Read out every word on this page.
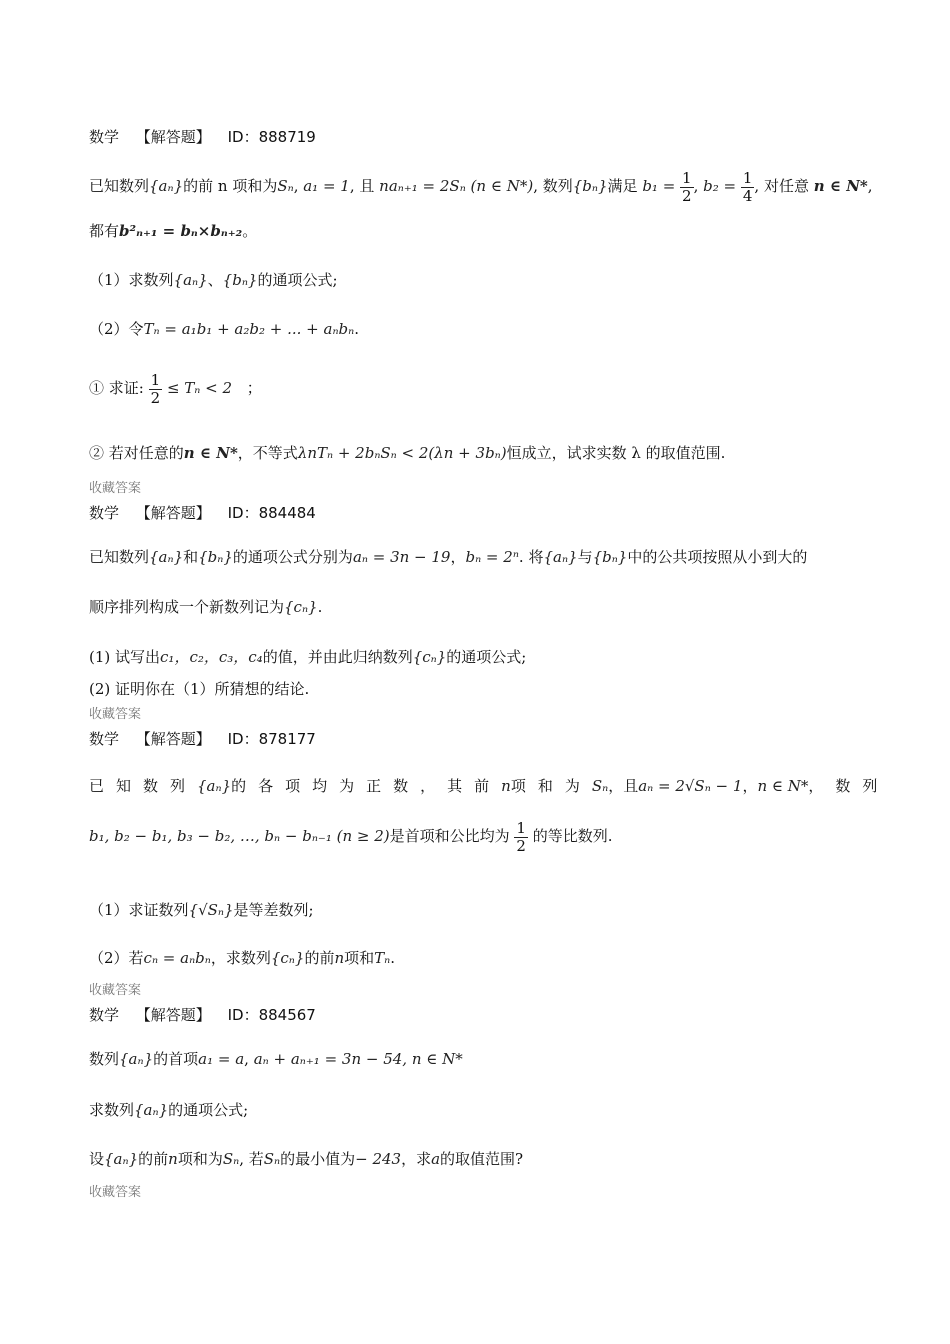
数学 【解答题】 ID：888719
已知数列{aₙ}的前 n 项和为Sₙ, a₁ = 1, 且 naₙ₊₁ = 2Sₙ (n ∈ N*), 数列{bₙ}满足 $b_1 = \frac{1}{2}$ , $b_2 = \frac{1}{4}$ , 对任意 n ∈ N*,
都有b²ₙ₊₁ = bₙ×bₙ₊₂。
（1）求数列{aₙ}、{bₙ}的通项公式;
（2）令Tₙ = a₁b₁ + a₂b₂ + ... + aₙbₙ.
① 求证: $\frac{1}{2} \le T_n < 2$ ；
② 若对任意的n ∈ N*，不等式λnTₙ + 2bₙSₙ < 2(λn + 3bₙ)恒成立，试求实数 λ 的取值范围.
收藏答案
数学 【解答题】 ID：884484
已知数列{aₙ}和{bₙ}的通项公式分别为aₙ = 3n − 19，bₙ = 2ⁿ. 将{aₙ}与{bₙ}中的公共项按照从小到大的
顺序排列构成一个新数列记为{cₙ}.
(1) 试写出c₁，c₂，c₃，c₄的值，并由此归纳数列{cₙ}的通项公式;
(2) 证明你在（1）所猜想的结论.
收藏答案
数学 【解答题】 ID：878177
已知数列 {aₙ} 的各项均为正数，其前 n 项和为 Sₙ ，且 aₙ = 2√Sₙ − 1 ， n ∈ N* ，数列
b₁, b₂ − b₁, b₃ − b₂, …, bₙ − bₙ₋₁ (n ≥ 2)是首项和公比均为 $\frac{1}{2}$ 的等比数列.
（1）求证数列{√Sₙ}是等差数列;
（2）若cₙ = aₙbₙ，求数列{cₙ}的前n项和Tₙ.
收藏答案
数学 【解答题】 ID：884567
数列{aₙ}的首项a₁ = a, aₙ + aₙ₊₁ = 3n − 54, n ∈ N*
求数列{aₙ}的通项公式;
设{aₙ}的前n项和为Sₙ, 若Sₙ的最小值为− 243，求a的取值范围?
收藏答案
